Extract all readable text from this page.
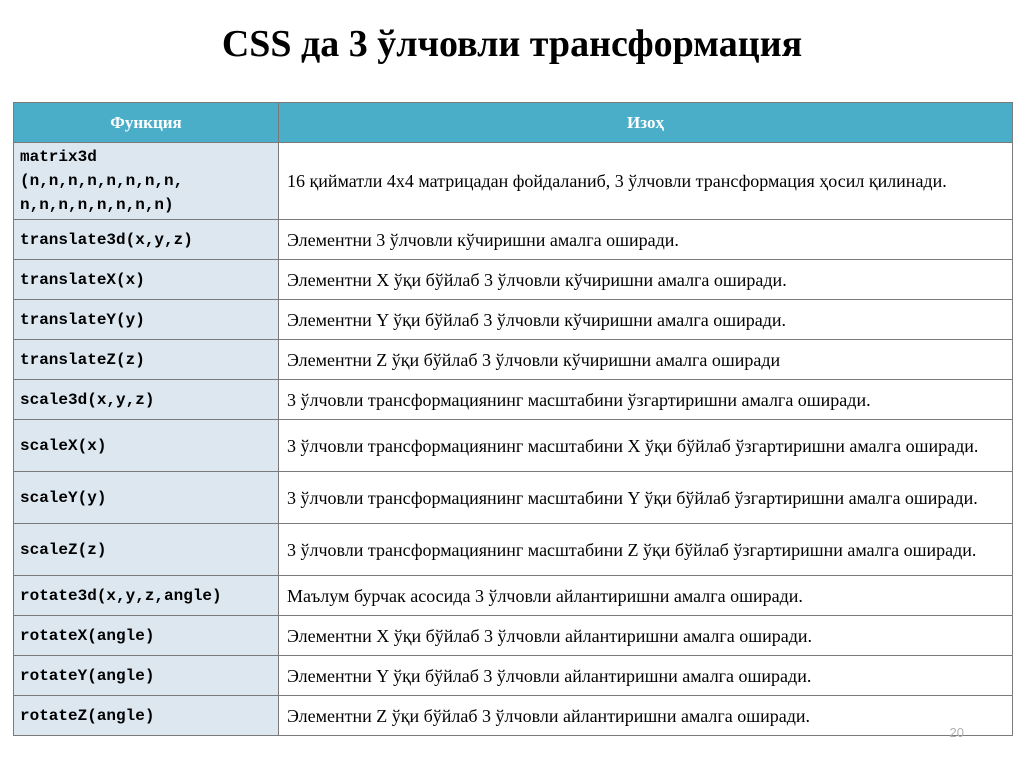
CSS да 3 ўлчовли трансформация
Функция	Изоҳ
matrix3d
(n,n,n,n,n,n,n,n,
n,n,n,n,n,n,n,n)	16 қийматли 4x4 матрицадан фойдаланиб, 3 ўлчовли трансформация ҳосил қилинади.
translate3d(x,y,z)	Элементни 3 ўлчовли кўчиришни амалга оширади.
translateX(x)	Элементни X ўқи бўйлаб 3 ўлчовли кўчиришни амалга оширади.
translateY(y)	Элементни Y ўқи бўйлаб 3 ўлчовли кўчиришни амалга оширади.
translateZ(z)	Элементни Z ўқи бўйлаб 3 ўлчовли кўчиришни амалга оширади
scale3d(x,y,z)	3 ўлчовли трансформациянинг масштабини ўзгартиришни амалга оширади.
scaleX(x)	3 ўлчовли трансформациянинг масштабини X ўқи бўйлаб ўзгартиришни амалга оширади.
scaleY(y)	3 ўлчовли трансформациянинг масштабини Y ўқи бўйлаб ўзгартиришни амалга оширади.
scaleZ(z)	3 ўлчовли трансформациянинг масштабини Z ўқи бўйлаб ўзгартиришни амалга оширади.
rotate3d(x,y,z,angle)	Маълум бурчак асосида 3 ўлчовли айлантиришни амалга оширади.
rotateX(angle)	Элементни X ўқи бўйлаб 3 ўлчовли айлантиришни амалга оширади.
rotateY(angle)	Элементни Y ўқи бўйлаб 3 ўлчовли айлантиришни амалга оширади.
rotateZ(angle)	Элементни Z ўқи бўйлаб 3 ўлчовли айлантиришни амалга оширади.
20
